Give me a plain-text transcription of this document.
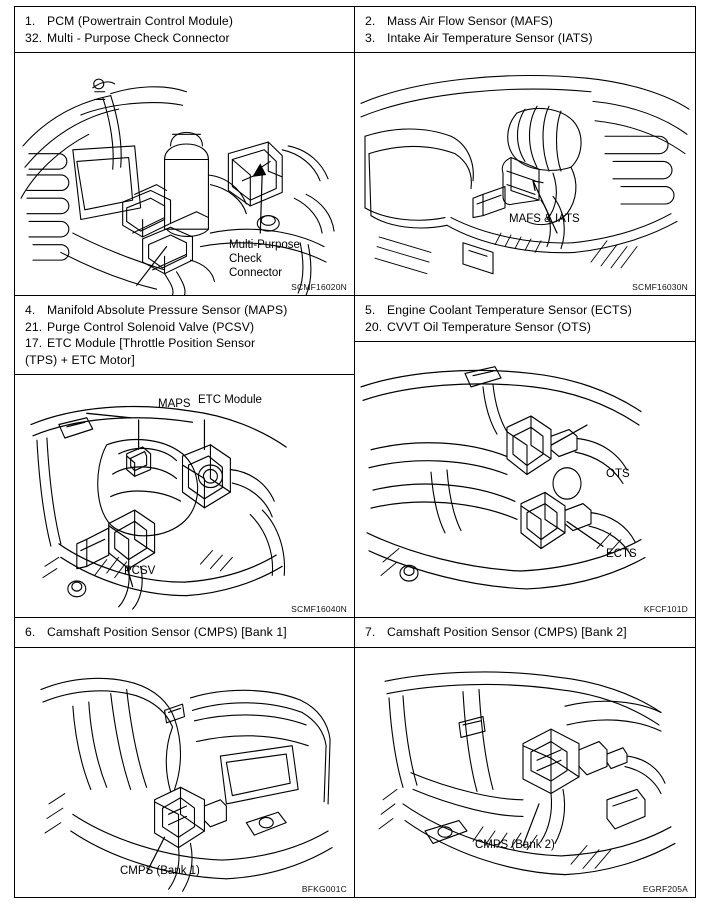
1. PCM (Powertrain Control Module)
32. Multi - Purpose Check Connector
Multi-Purpose Check Connector
SCMF16020N
2. Mass Air Flow Sensor (MAFS)
3. Intake Air Temperature Sensor (IATS)
MAFS & IATS
SCMF16030N
4. Manifold Absolute Pressure Sensor (MAPS)
21. Purge Control Solenoid Valve (PCSV)
17. ETC Module [Throttle Position Sensor
(TPS) + ETC Motor]
MAPS ETC Module
PCSV
SCMF16040N
5. Engine Coolant Temperature Sensor (ECTS)
20. CVVT Oil Temperature Sensor (OTS)
OTS
ECTS
KFCF101D
6. Camshaft Position Sensor (CMPS) [Bank 1]
CMPS (Bank 1)
BFKG001C
7. Camshaft Position Sensor (CMPS) [Bank 2]
CMPS (Bank 2)
EGRF205A
